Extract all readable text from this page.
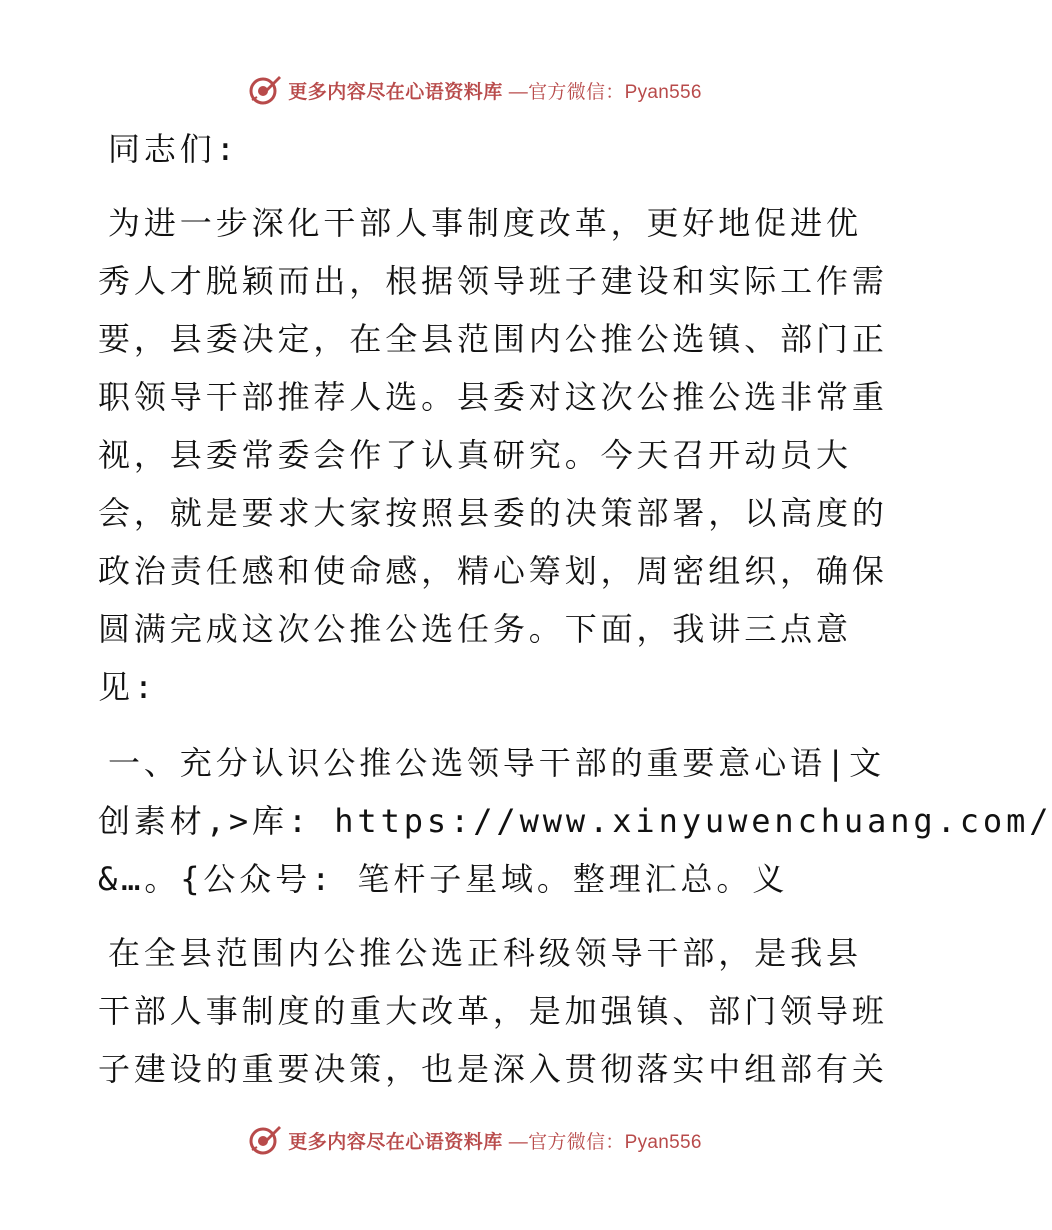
更多内容尽在心语资料库 —官方微信：Pyan556
同志们:
为进一步深化干部人事制度改革，更好地促进优
秀人才脱颖而出，根据领导班子建设和实际工作需
要，县委决定，在全县范围内公推公选镇、部门正
职领导干部推荐人选。县委对这次公推公选非常重
视，县委常委会作了认真研究。今天召开动员大
会，就是要求大家按照县委的决策部署，以高度的
政治责任感和使命感，精心筹划，周密组织，确保
圆满完成这次公推公选任务。下面，我讲三点意
见:
一、充分认识公推公选领导干部的重要意心语|文
创素材,>库: https://www.xinyuwenchuang.com/
&…。{公众号: 笔杆子星域。整理汇总。义
在全县范围内公推公选正科级领导干部，是我县
干部人事制度的重大改革，是加强镇、部门领导班
子建设的重要决策，也是深入贯彻落实中组部有关
更多内容尽在心语资料库 —官方微信：Pyan556
